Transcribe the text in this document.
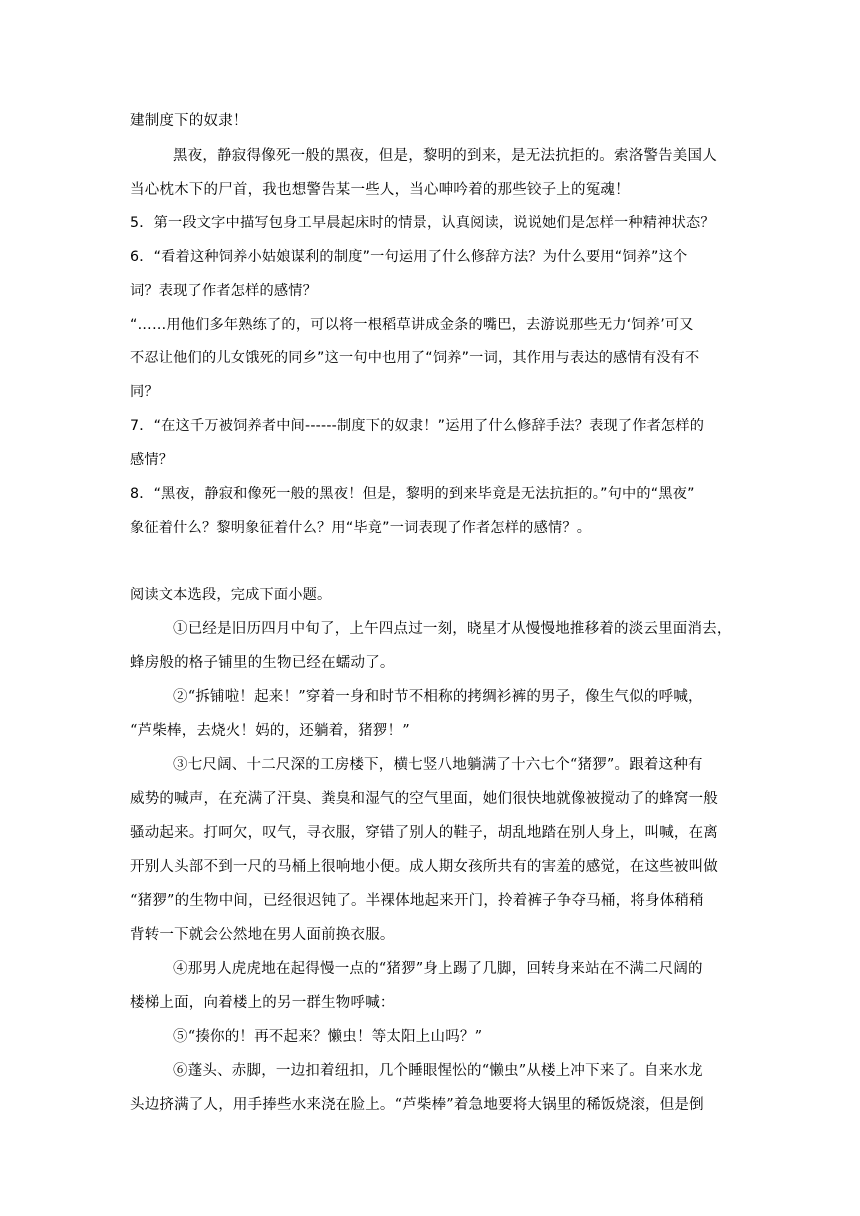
建制度下的奴隶！
黑夜，静寂得像死一般的黑夜，但是，黎明的到来，是无法抗拒的。索洛警告美国人
当心枕木下的尸首，我也想警告某一些人，当心呻吟着的那些铰子上的冤魂！
5．第一段文字中描写包身工早晨起床时的情景，认真阅读，说说她们是怎样一种精神状态？
6．“看着这种饲养小姑娘谋利的制度”一句运用了什么修辞方法？为什么要用“饲养”这个
词？表现了作者怎样的感情？
“……用他们多年熟练了的，可以将一根稻草讲成金条的嘴巴，去游说那些无力‘饲养’可又
不忍让他们的儿女饿死的同乡”这一句中也用了“饲养”一词，其作用与表达的感情有没有不
同？
7．“在这千万被饲养者中间------制度下的奴隶！”运用了什么修辞手法？表现了作者怎样的
感情？
8．“黑夜，静寂和像死一般的黑夜！但是，黎明的到来毕竟是无法抗拒的。”句中的“黑夜”
象征着什么？黎明象征着什么？用“毕竟”一词表现了作者怎样的感情？。
阅读文本选段，完成下面小题。
①已经是旧历四月中旬了，上午四点过一刻，晓星才从慢慢地推移着的淡云里面消去，
蜂房般的格子铺里的生物已经在蠕动了。
②“拆铺啦！起来！”穿着一身和时节不相称的拷绸衫裤的男子，像生气似的呼喊，
“芦柴棒，去烧火！妈的，还躺着，猪猡！”
③七尺阔、十二尺深的工房楼下，横七竖八地躺满了十六七个“猪猡”。跟着这种有
威势的喊声，在充满了汗臭、粪臭和湿气的空气里面，她们很快地就像被搅动了的蜂窝一般
骚动起来。打呵欠，叹气，寻衣服，穿错了别人的鞋子，胡乱地踏在别人身上，叫喊，在离
开别人头部不到一尺的马桶上很响地小便。成人期女孩所共有的害羞的感觉，在这些被叫做
“猪猡”的生物中间，已经很迟钝了。半裸体地起来开门，拎着裤子争夺马桶，将身体稍稍
背转一下就会公然地在男人面前换衣服。
④那男人虎虎地在起得慢一点的“猪猡”身上踢了几脚，回转身来站在不满二尺阔的
楼梯上面，向着楼上的另一群生物呼喊：
⑤“揍你的！再不起来？懒虫！等太阳上山吗？”
⑥蓬头、赤脚，一边扣着纽扣，几个睡眼惺忪的“懒虫”从楼上冲下来了。自来水龙
头边挤满了人，用手捧些水来浇在脸上。“芦柴棒”着急地要将大锅里的稀饭烧滚，但是倒
